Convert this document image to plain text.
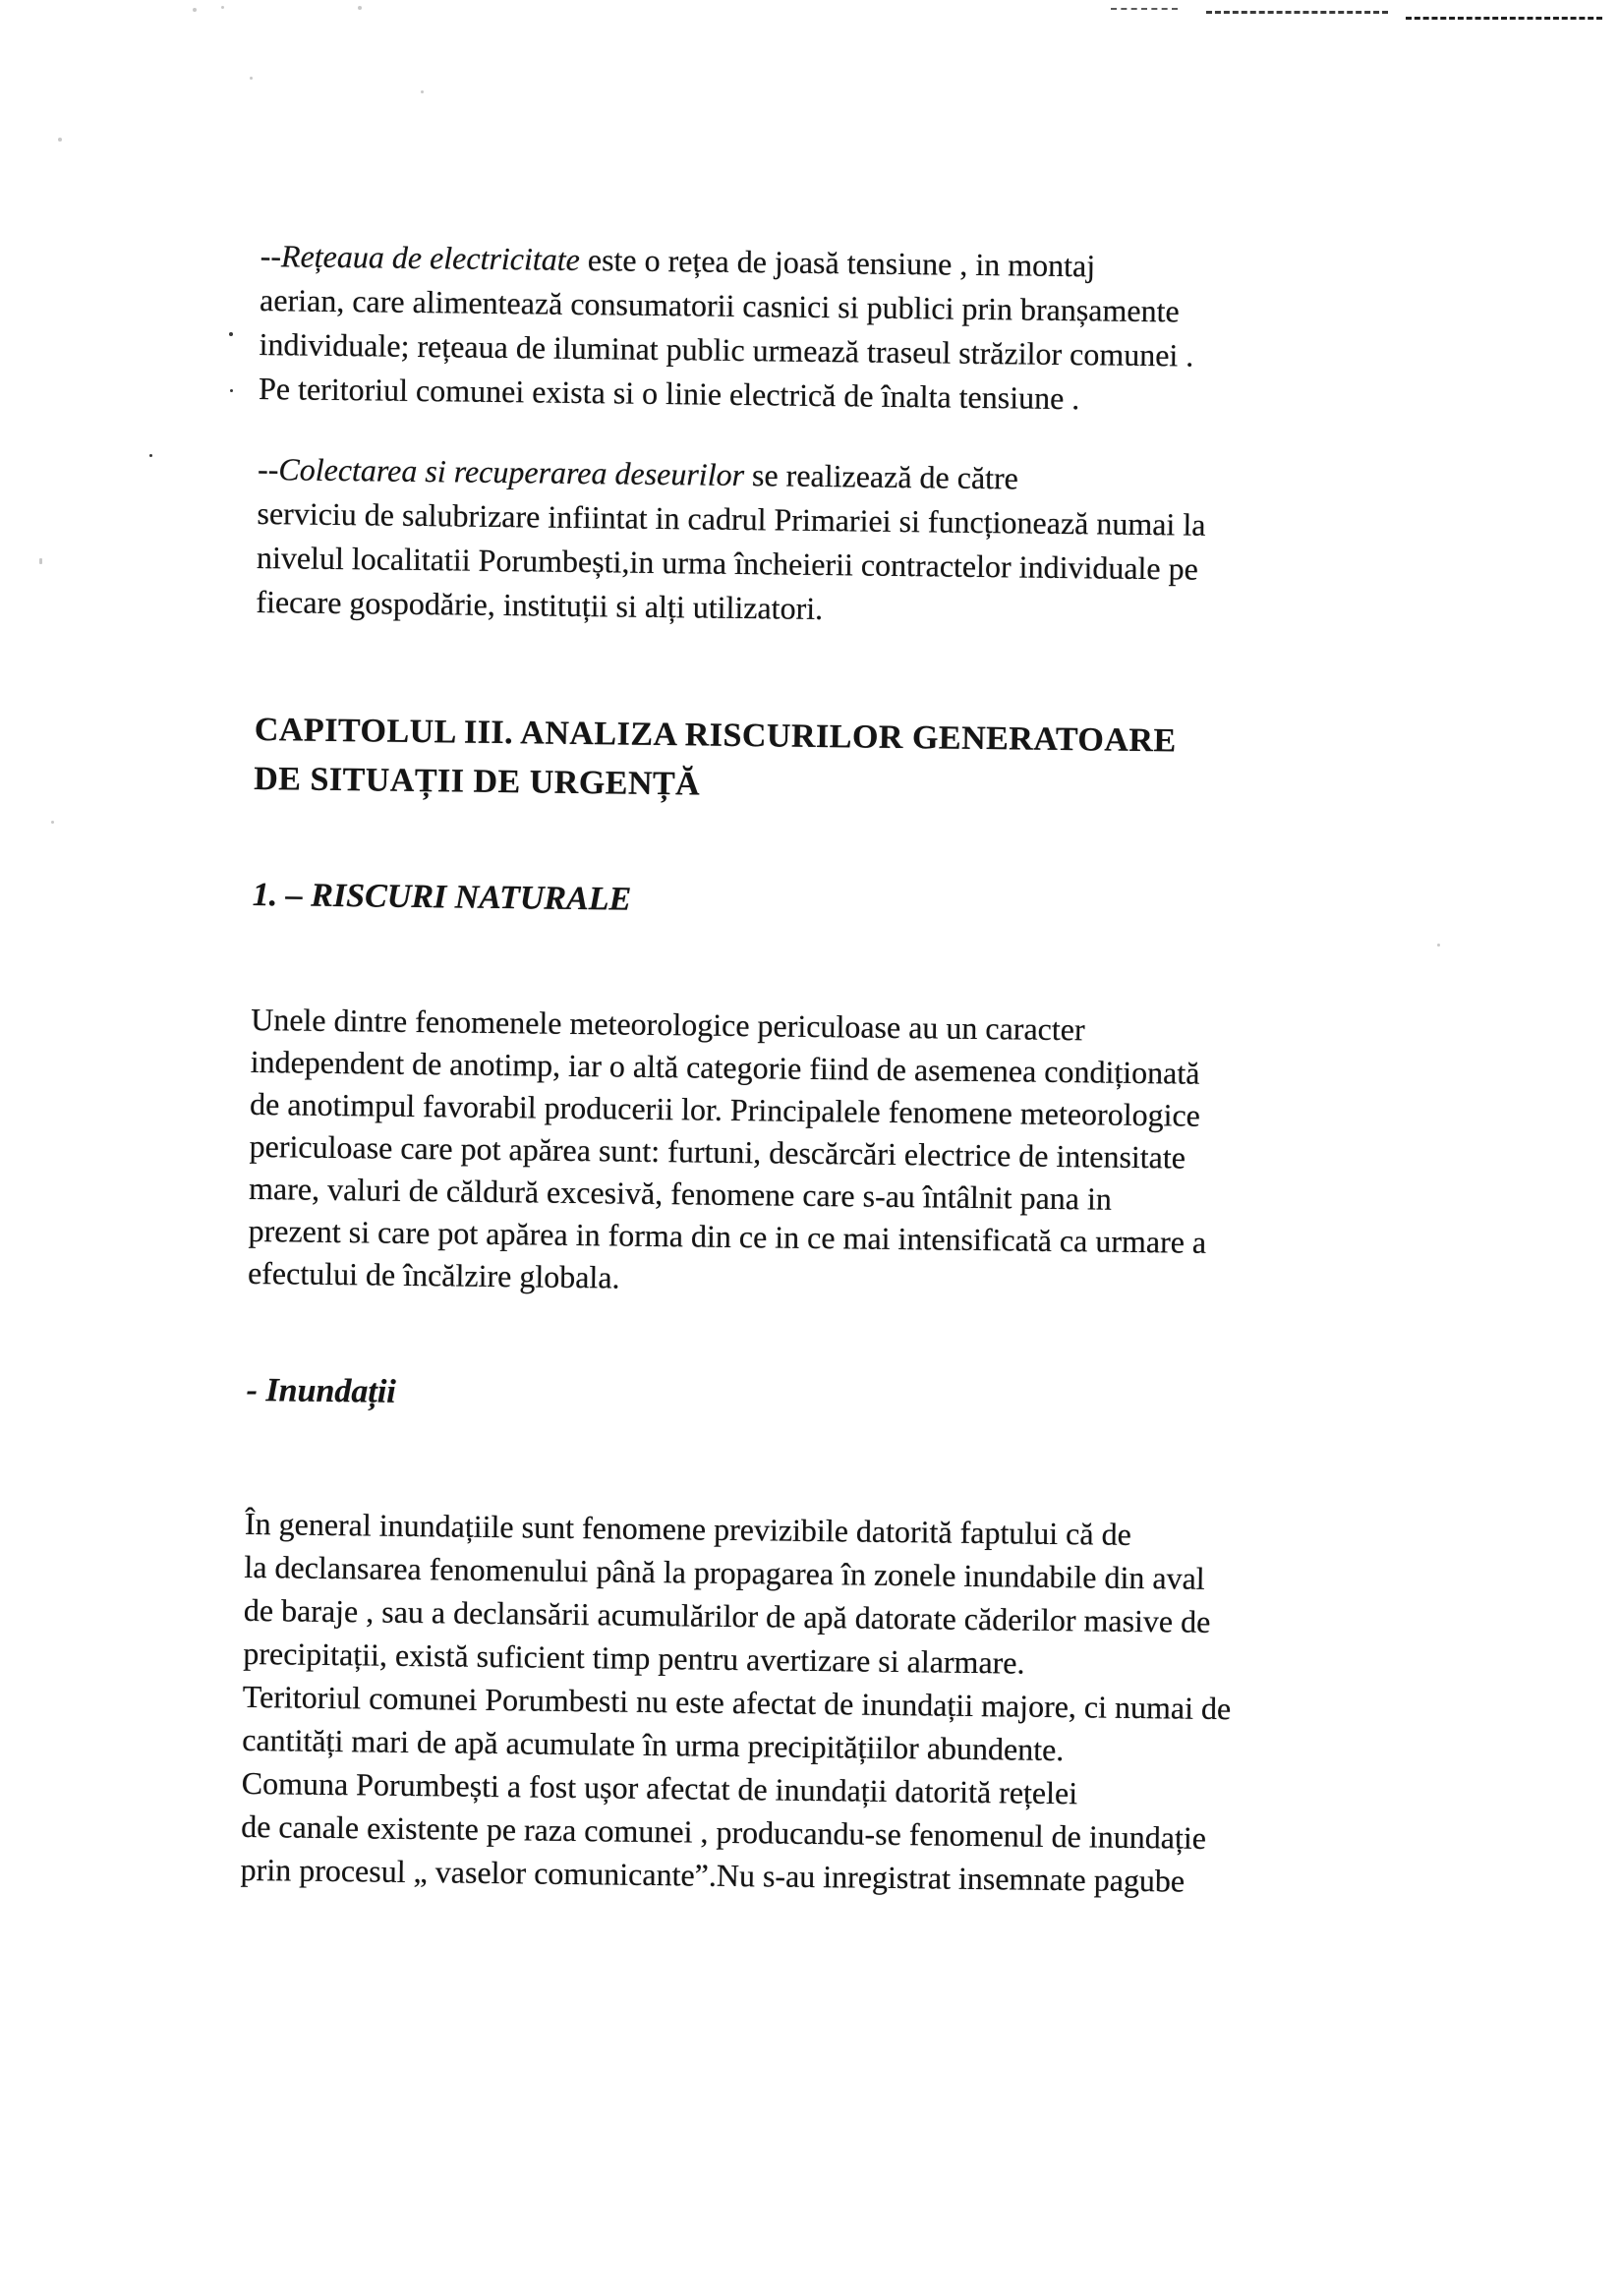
--Rețeaua de electricitate este o rețea de joasă tensiune , in montaj
aerian, care alimentează consumatorii casnici si publici prin branșamente
individuale; rețeaua de iluminat public urmează traseul străzilor comunei .
Pe teritoriul comunei exista si o linie electrică de înalta tensiune .

--Colectarea si recuperarea deseurilor se realizează de către
serviciu de salubrizare infiintat in cadrul Primariei si funcționează numai la
nivelul localitatii Porumbești,in urma încheierii contractelor individuale pe
fiecare gospodărie, instituții si alți utilizatori.

CAPITOLUL III. ANALIZA RISCURILOR GENERATOARE
DE SITUAȚII DE URGENȚĂ
1. – RISCURI NATURALE

Unele dintre fenomenele meteorologice periculoase au un caracter
independent de anotimp, iar o altă categorie fiind de asemenea condiționată
de anotimpul favorabil producerii lor. Principalele fenomene meteorologice
periculoase care pot apărea sunt: furtuni, descărcări electrice de intensitate
mare, valuri de căldură excesivă, fenomene care s-au întâlnit pana in
prezent si care pot apărea in forma din ce in ce mai intensificată ca urmare a
efectului de încălzire globala.

- Inundații

În general inundațiile sunt fenomene previzibile datorită faptului că de
la declansarea fenomenului până la propagarea în zonele inundabile din aval
de baraje , sau a declansării acumulărilor de apă datorate căderilor masive de
precipitații, există suficient timp pentru avertizare si alarmare.
Teritoriul comunei Porumbesti nu este afectat de inundații majore, ci numai de
cantități mari de apă acumulate în urma precipitățiilor abundente.
Comuna Porumbești a fost ușor afectat de inundații datorită rețelei
de canale existente pe raza comunei , producandu-se fenomenul de inundație
prin procesul „ vaselor comunicante”.Nu s-au inregistrat insemnate pagube
